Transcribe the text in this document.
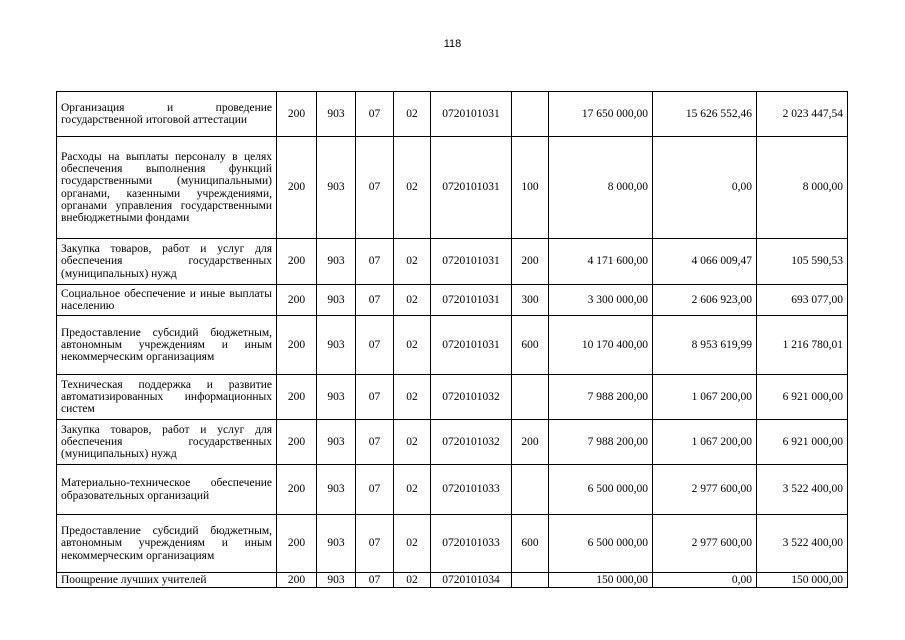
118
Организация и проведение государственной итоговой аттестации	200	903	07	02	0720101031		17 650 000,00	15 626 552,46	2 023 447,54
Расходы на выплаты персоналу в целях обеспечения выполнения функций государственными (муниципальными) органами, казенными учреждениями, органами управления государственными внебюджетными фондами	200	903	07	02	0720101031	100	8 000,00	0,00	8 000,00
Закупка товаров, работ и услуг для обеспечения государственных (муниципальных) нужд	200	903	07	02	0720101031	200	4 171 600,00	4 066 009,47	105 590,53
Социальное обеспечение и иные выплаты населению	200	903	07	02	0720101031	300	3 300 000,00	2 606 923,00	693 077,00
Предоставление субсидий бюджетным, автономным учреждениям и иным некоммерческим организациям	200	903	07	02	0720101031	600	10 170 400,00	8 953 619,99	1 216 780,01
Техническая поддержка и развитие автоматизированных информационных систем	200	903	07	02	0720101032		7 988 200,00	1 067 200,00	6 921 000,00
Закупка товаров, работ и услуг для обеспечения государственных (муниципальных) нужд	200	903	07	02	0720101032	200	7 988 200,00	1 067 200,00	6 921 000,00
Материально-техническое обеспечение образовательных организаций	200	903	07	02	0720101033		6 500 000,00	2 977 600,00	3 522 400,00
Предоставление субсидий бюджетным, автономным учреждениям и иным некоммерческим организациям	200	903	07	02	0720101033	600	6 500 000,00	2 977 600,00	3 522 400,00
Поощрение лучших учителей	200	903	07	02	0720101034		150 000,00	0,00	150 000,00
